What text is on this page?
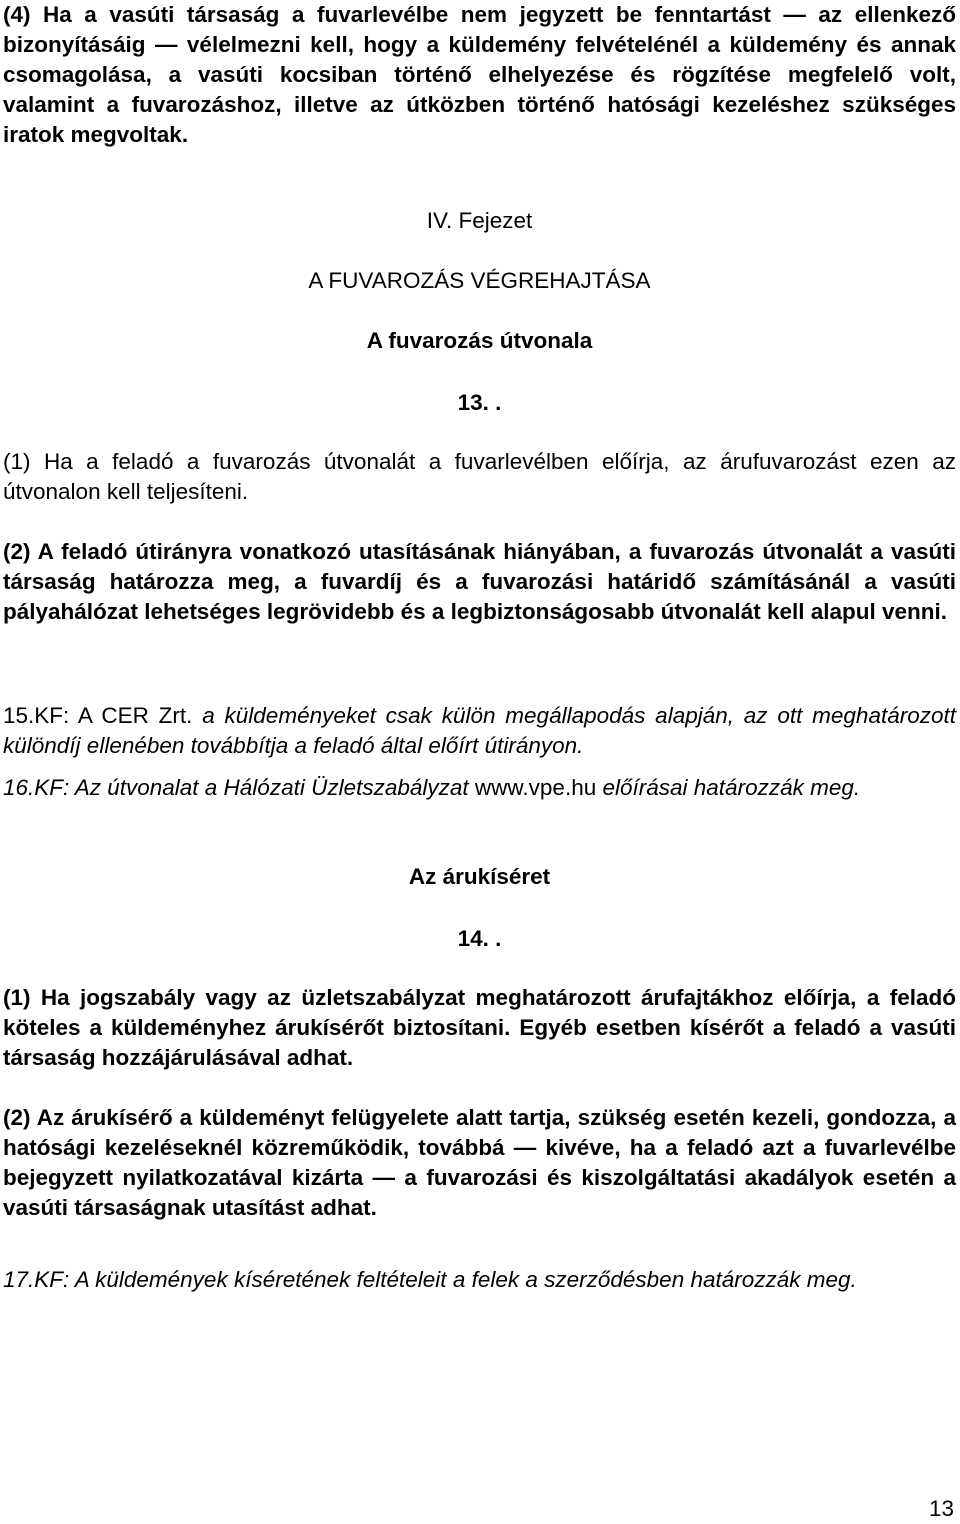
(4) Ha a vasúti társaság a fuvarlevélbe nem jegyzett be fenntartást ― az ellenkező bizonyításáig ― vélelmezni kell, hogy a küldemény felvételénél a küldemény és annak csomagolása, a vasúti kocsiban történő elhelyezése és rögzítése megfelelő volt, valamint a fuvarozáshoz, illetve az útközben történő hatósági kezeléshez szükséges iratok megvoltak.

IV. Fejezet

A FUVAROZÁS VÉGREHAJTÁSA

A fuvarozás útvonala

13. .

(1) Ha a feladó a fuvarozás útvonalát a fuvarlevélben előírja, az árufuvarozást ezen az útvonalon kell teljesíteni.

(2) A feladó útirányra vonatkozó utasításának hiányában, a fuvarozás útvonalát a vasúti társaság határozza meg, a fuvardíj és a fuvarozási határidő számításánál a vasúti pályahálózat lehetséges legrövidebb és a legbiztonságosabb útvonalát kell alapul venni.

15.KF: A CER Zrt. a küldeményeket csak külön megállapodás alapján, az ott meghatározott különdíj ellenében továbbítja a feladó által előírt útirányon.

16.KF: Az útvonalat a Hálózati Üzletszabályzat www.vpe.hu előírásai határozzák meg.

Az árukíséret

14. .

(1) Ha jogszabály vagy az üzletszabályzat meghatározott árufajtákhoz előírja, a feladó köteles a küldeményhez árukísérőt biztosítani. Egyéb esetben kísérőt a feladó a vasúti társaság hozzájárulásával adhat.

(2) Az árukísérő a küldeményt felügyelete alatt tartja, szükség esetén kezeli, gondozza, a hatósági kezeléseknél közreműködik, továbbá ― kivéve, ha a feladó azt a fuvarlevélbe bejegyzett nyilatkozatával kizárta ― a fuvarozási és kiszolgáltatási akadályok esetén a vasúti társaságnak utasítást adhat.

17.KF: A küldemények kíséretének feltételeit a felek a szerződésben határozzák meg.

13
